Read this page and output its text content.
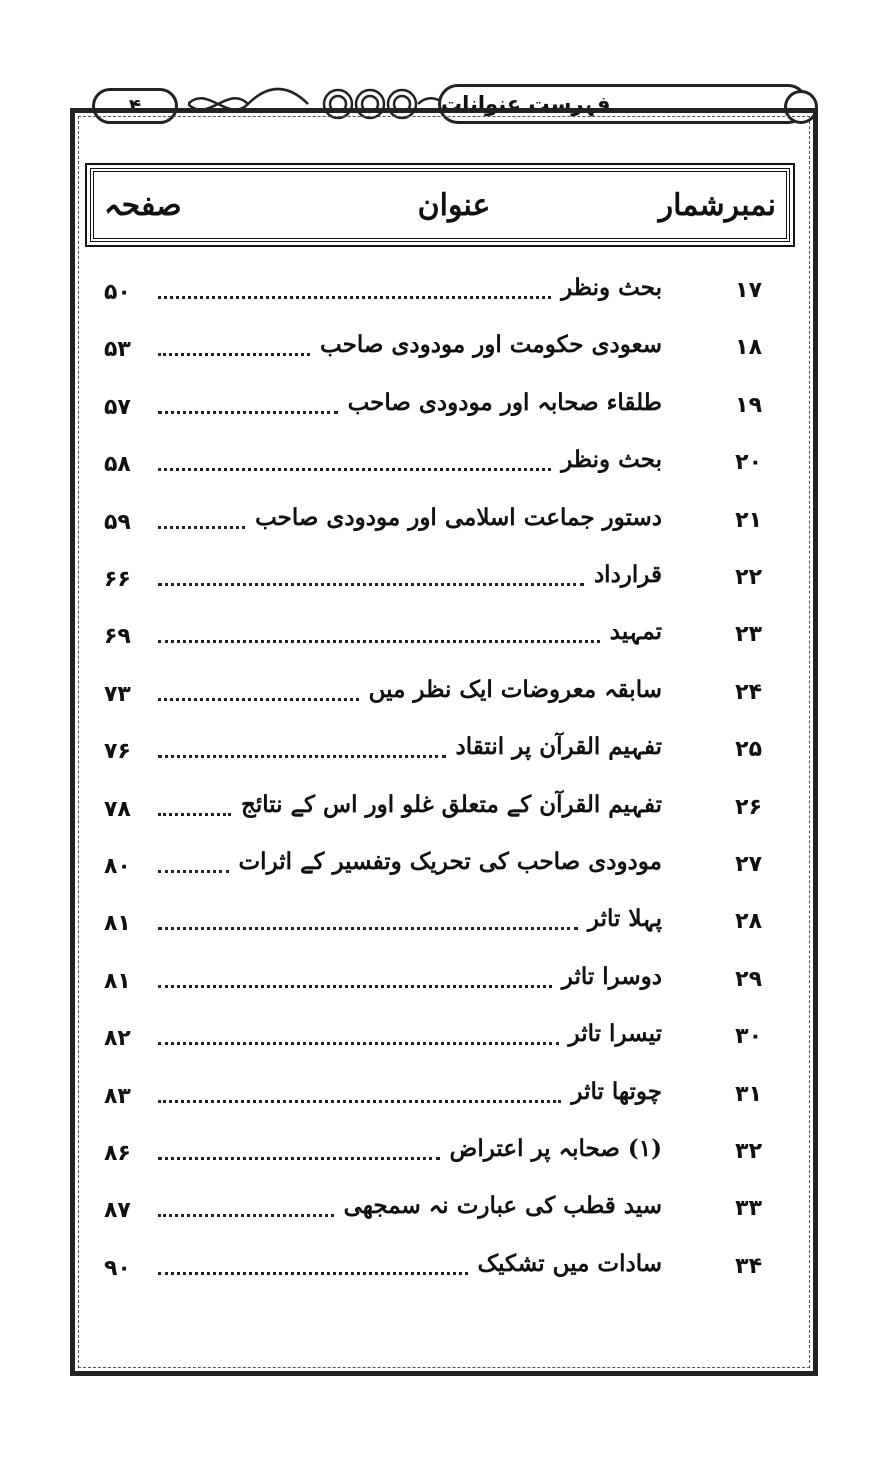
۴	فہرست عنوانات
صفحہ	عنوان	نمبرشمار
۵۰	بحث ونظر	۱۷
۵۳	سعودی حکومت اور مودودی صاحب	۱۸
۵۷	طلقاء صحابہ اور مودودی صاحب	۱۹
۵۸	بحث ونظر	۲۰
۵۹	دستور جماعت اسلامی اور مودودی صاحب	۲۱
۶۶	قرارداد	۲۲
۶۹	تمہید	۲۳
۷۳	سابقہ معروضات ایک نظر میں	۲۴
۷۶	تفہیم القرآن پر انتقاد	۲۵
۷۸	تفہیم القرآن کے متعلق غلو اور اس کے نتائج	۲۶
۸۰	مودودی صاحب کی تحریک وتفسیر کے اثرات	۲۷
۸۱	پہلا تاثر	۲۸
۸۱	دوسرا تاثر	۲۹
۸۲	تیسرا تاثر	۳۰
۸۳	چوتھا تاثر	۳۱
۸۶	(۱) صحابہ پر اعتراض	۳۲
۸۷	سید قطب کی عبارت نہ سمجھی	۳۳
۹۰	سادات میں تشکیک	۳۴
